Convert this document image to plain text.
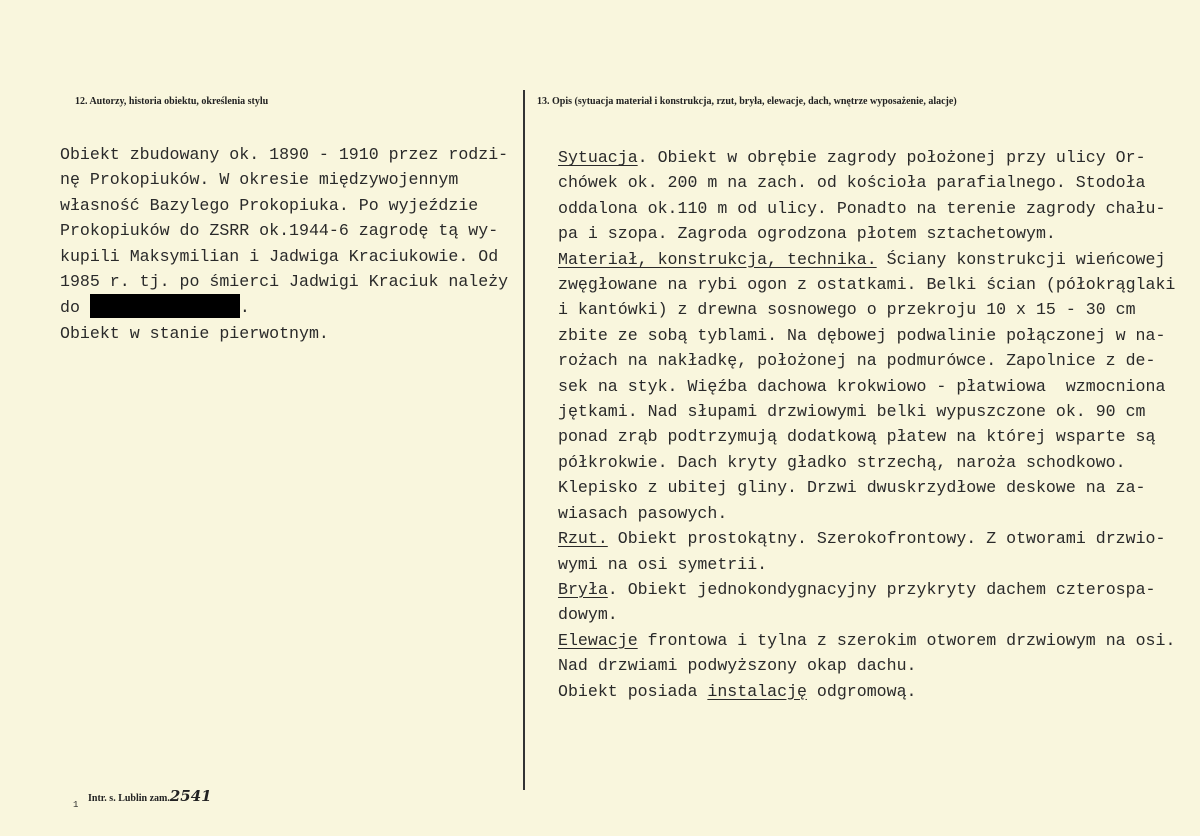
12. Autorzy, historia obiektu, określenia stylu	13. Opis (sytuacja materiał i konstrukcja, rzut, bryła, elewacje, dach, wnętrze wyposażenie, alacje)
Obiekt zbudowany ok. 1890 - 1910 przez rodzi-
nę Prokopiuków. W okresie międzywojennym
własność Bazylego Prokopiuka. Po wyjeździe
Prokopiuków do ZSRR ok.1944-6 zagrodę tą wy-
kupili Maksymilian i Jadwiga Kraciukowie. Od
1985 r. tj. po śmierci Jadwigi Kraciuk należy
do	.
Obiekt w stanie pierwotnym.
Sytuacja. Obiekt w obrębie zagrody położonej przy ulicy Or-
chówek ok. 200 m na zach. od kościoła parafialnego. Stodoła
oddalona ok.110 m od ulicy. Ponadto na terenie zagrody chału-
pa i szopa. Zagroda ogrodzona płotem sztachetowym.
Materiał, konstrukcja, technika. Ściany konstrukcji wieńcowej
zwęgłowane na rybi ogon z ostatkami. Belki ścian (półokrąglaki
i kantówki) z drewna sosnowego o przekroju 10 x 15 - 30 cm
zbite ze sobą tyblami. Na dębowej podwalinie połączonej w na-
rożach na nakładkę, położonej na podmurówce. Zapolnice z de-
sek na styk. Więźba dachowa krokwiowo - płatwiowa  wzmocniona
jętkami. Nad słupami drzwiowymi belki wypuszczone ok. 90 cm
ponad zrąb podtrzymują dodatkową płatew na której wsparte są
półkrokwie. Dach kryty gładko strzechą, naroża schodkowo.
Klepisko z ubitej gliny. Drzwi dwuskrzydłowe deskowe na za-
wiasach pasowych.
Rzut. Obiekt prostokątny. Szerokofrontowy. Z otworami drzwio-
wymi na osi symetrii.
Bryła. Obiekt jednokondygnacyjny przykryty dachem czterospa-
dowym.
Elewacje frontowa i tylna z szerokim otworem drzwiowym na osi.
Nad drzwiami podwyższony okap dachu.
Obiekt posiada instalację odgromową.
Intr. s. Lublin zam.2541
1
